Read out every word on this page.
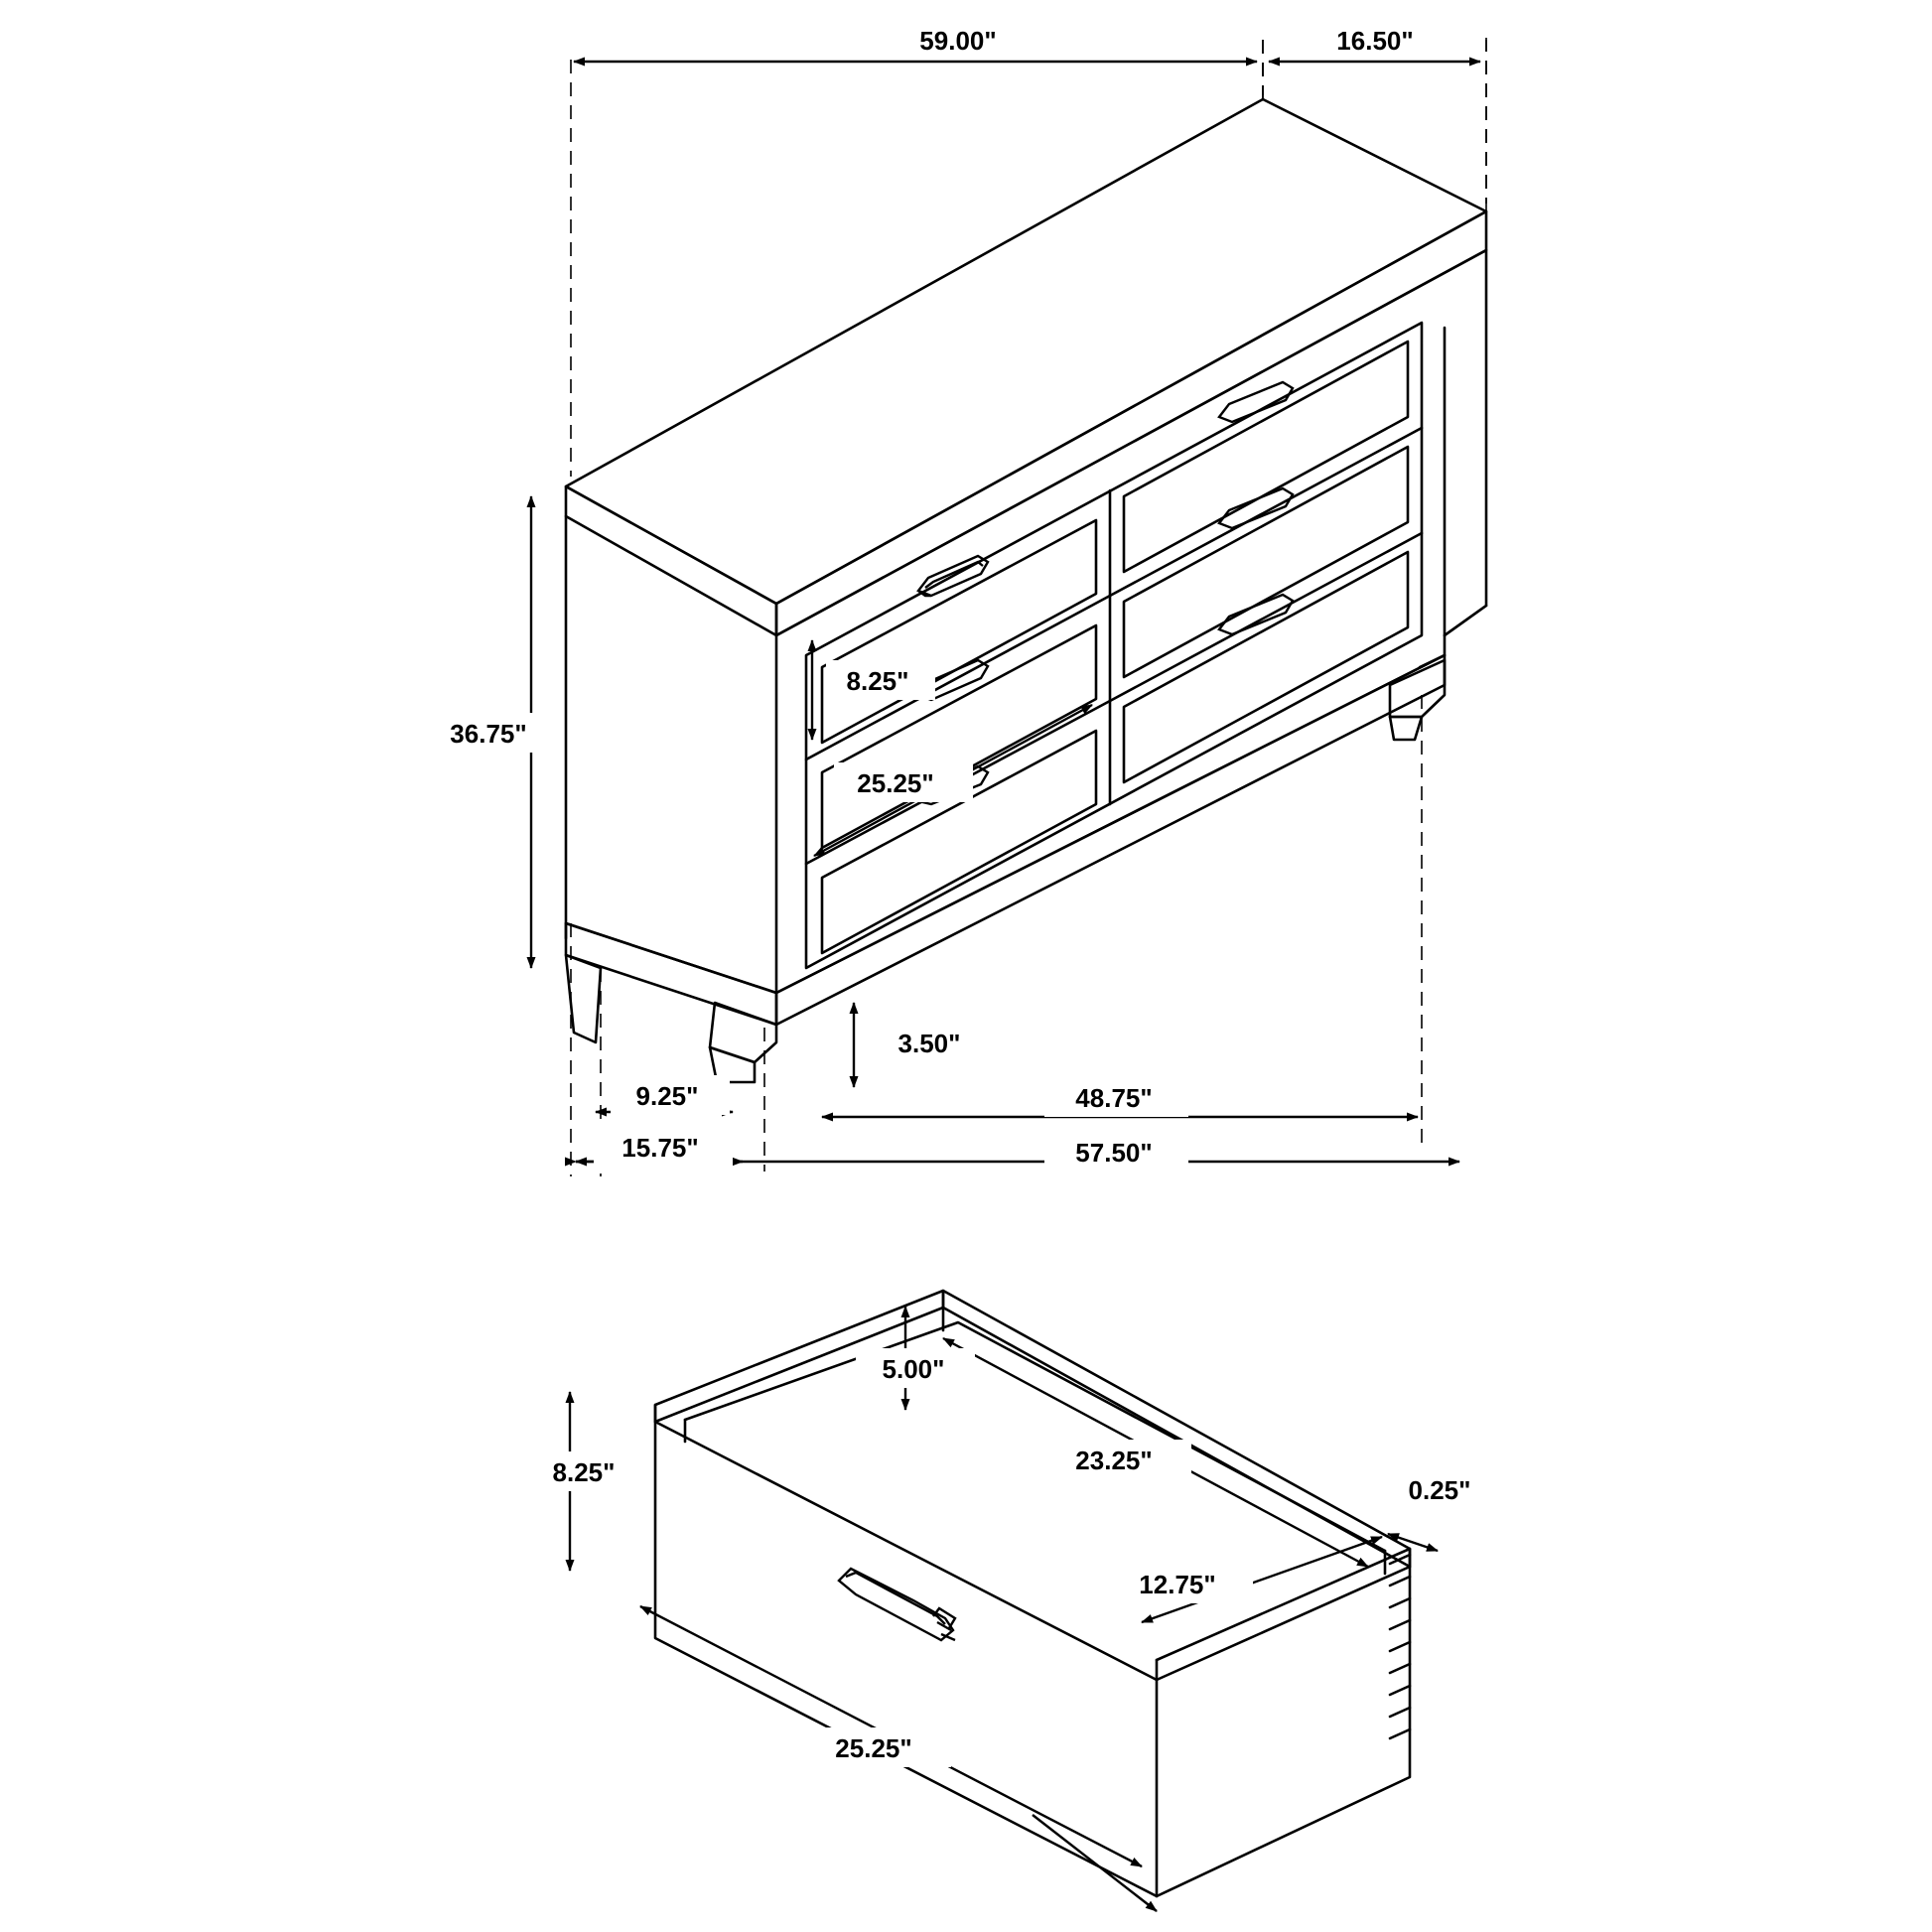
59.00"	16.50"
36.75"
8.25"
25.25"
3.50"
9.25"
15.75"
48.75"
57.50"
5.00"
8.25"	23.25"
12.75"
0.25"
25.25"
